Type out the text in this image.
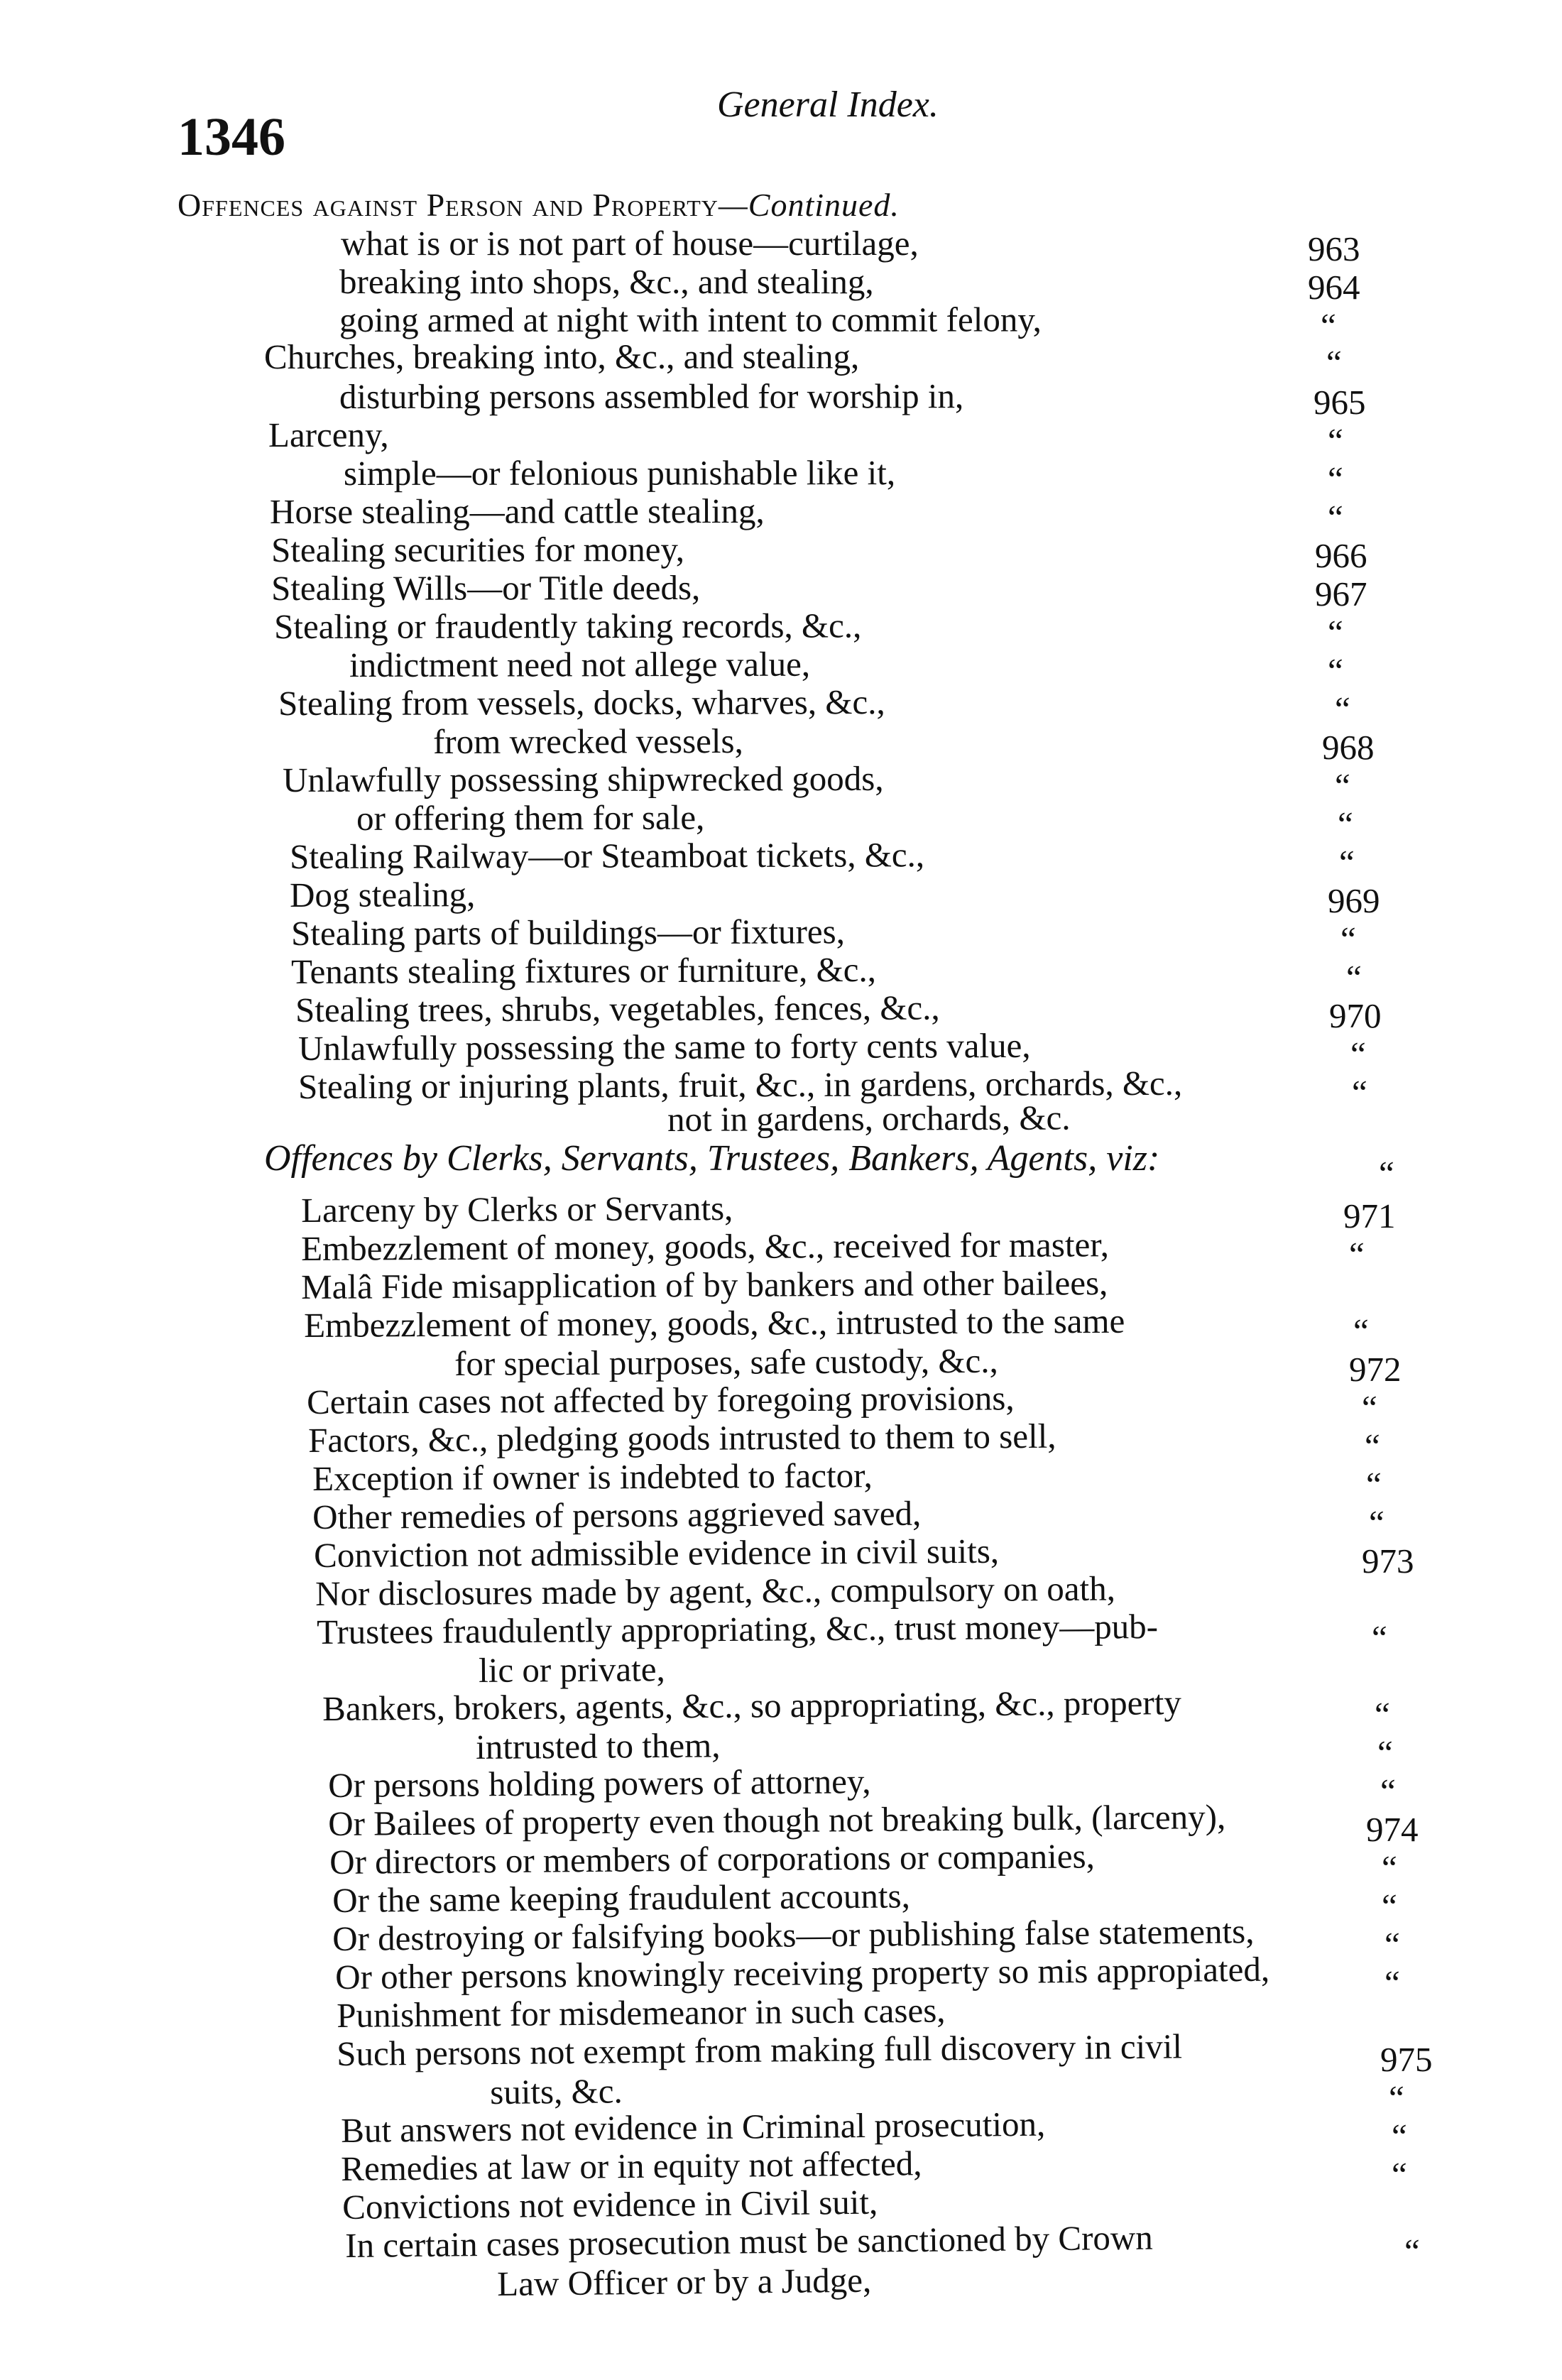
1346
General Index.
Offences against Person and Property—Continued.
what is or is not part of house—curtilage,	963
breaking into shops, &c., and stealing,	964
going armed at night with intent to commit felony,	“
Churches, breaking into, &c., and stealing,	“
disturbing persons assembled for worship in,	965
Larceny,	“
simple—or felonious punishable like it,	“
Horse stealing—and cattle stealing,	“
Stealing securities for money,	966
Stealing Wills—or Title deeds,	967
Stealing or fraudently taking records, &c.,	“
indictment need not allege value,	“
Stealing from vessels, docks, wharves, &c.,	“
from wrecked vessels,	968
Unlawfully possessing shipwrecked goods,	“
or offering them for sale,	“
Stealing Railway—or Steamboat tickets, &c.,	“
Dog stealing,	969
Stealing parts of buildings—or fixtures,	“
Tenants stealing fixtures or furniture, &c.,	“
Stealing trees, shrubs, vegetables, fences, &c.,	970
Unlawfully possessing the same to forty cents value,	“
Stealing or injuring plants, fruit, &c., in gardens, orchards, &c.,	“
not in gardens, orchards, &c.
Offences by Clerks, Servants, Trustees, Bankers, Agents, viz:	“
Larceny by Clerks or Servants,	971
Embezzlement of money, goods, &c., received for master,	“
Malâ Fide misapplication of by bankers and other bailees,
Embezzlement of money, goods, &c., intrusted to the same	“
for special purposes, safe custody, &c.,	972
Certain cases not affected by foregoing provisions,	“
Factors, &c., pledging goods intrusted to them to sell,	“
Exception if owner is indebted to factor,	“
Other remedies of persons aggrieved saved,	“
Conviction not admissible evidence in civil suits,	973
Nor disclosures made by agent, &c., compulsory on oath,
Trustees fraudulently appropriating, &c., trust money—pub-	“
lic or private,
Bankers, brokers, agents, &c., so appropriating, &c., property	“
intrusted to them,	“
Or persons holding powers of attorney,	“
Or Bailees of property even though not breaking bulk, (larceny),	974
Or directors or members of corporations or companies,	“
Or the same keeping fraudulent accounts,	“
Or destroying or falsifying books—or publishing false statements,	“
Or other persons knowingly receiving property so mis appropiated,	“
Punishment for misdemeanor in such cases,
Such persons not exempt from making full discovery in civil	975
suits, &c.	“
But answers not evidence in Criminal prosecution,	“
Remedies at law or in equity not affected,	“
Convictions not evidence in Civil suit,
In certain cases prosecution must be sanctioned by Crown	“
Law Officer or by a Judge,
